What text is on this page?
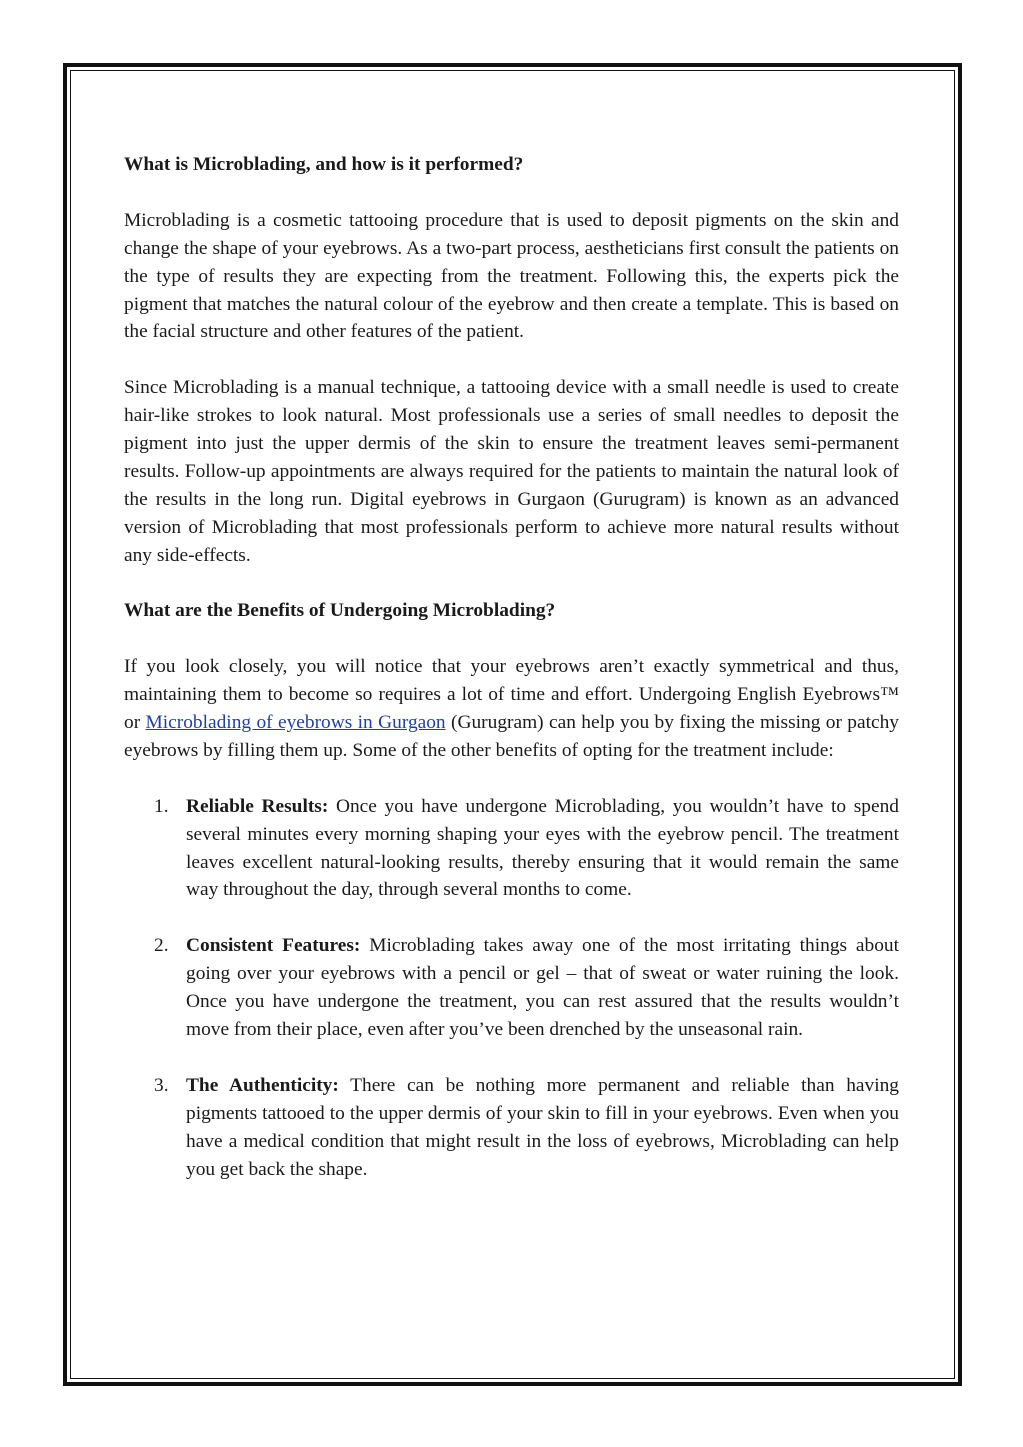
What is Microblading, and how is it performed?

Microblading is a cosmetic tattooing procedure that is used to deposit pigments on the skin and change the shape of your eyebrows. As a two-part process, aestheticians first consult the patients on the type of results they are expecting from the treatment. Following this, the experts pick the pigment that matches the natural colour of the eyebrow and then create a template. This is based on the facial structure and other features of the patient.

Since Microblading is a manual technique, a tattooing device with a small needle is used to create hair-like strokes to look natural. Most professionals use a series of small needles to deposit the pigment into just the upper dermis of the skin to ensure the treatment leaves semi-permanent results. Follow-up appointments are always required for the patients to maintain the natural look of the results in the long run. Digital eyebrows in Gurgaon (Gurugram) is known as an advanced version of Microblading that most professionals perform to achieve more natural results without any side-effects.

What are the Benefits of Undergoing Microblading?

If you look closely, you will notice that your eyebrows aren’t exactly symmetrical and thus, maintaining them to become so requires a lot of time and effort. Undergoing English Eyebrows™ or Microblading of eyebrows in Gurgaon (Gurugram) can help you by fixing the missing or patchy eyebrows by filling them up. Some of the other benefits of opting for the treatment include:

1. Reliable Results: Once you have undergone Microblading, you wouldn’t have to spend several minutes every morning shaping your eyes with the eyebrow pencil. The treatment leaves excellent natural-looking results, thereby ensuring that it would remain the same way throughout the day, through several months to come.
2. Consistent Features: Microblading takes away one of the most irritating things about going over your eyebrows with a pencil or gel – that of sweat or water ruining the look. Once you have undergone the treatment, you can rest assured that the results wouldn’t move from their place, even after you’ve been drenched by the unseasonal rain.
3. The Authenticity: There can be nothing more permanent and reliable than having pigments tattooed to the upper dermis of your skin to fill in your eyebrows. Even when you have a medical condition that might result in the loss of eyebrows, Microblading can help you get back the shape.
